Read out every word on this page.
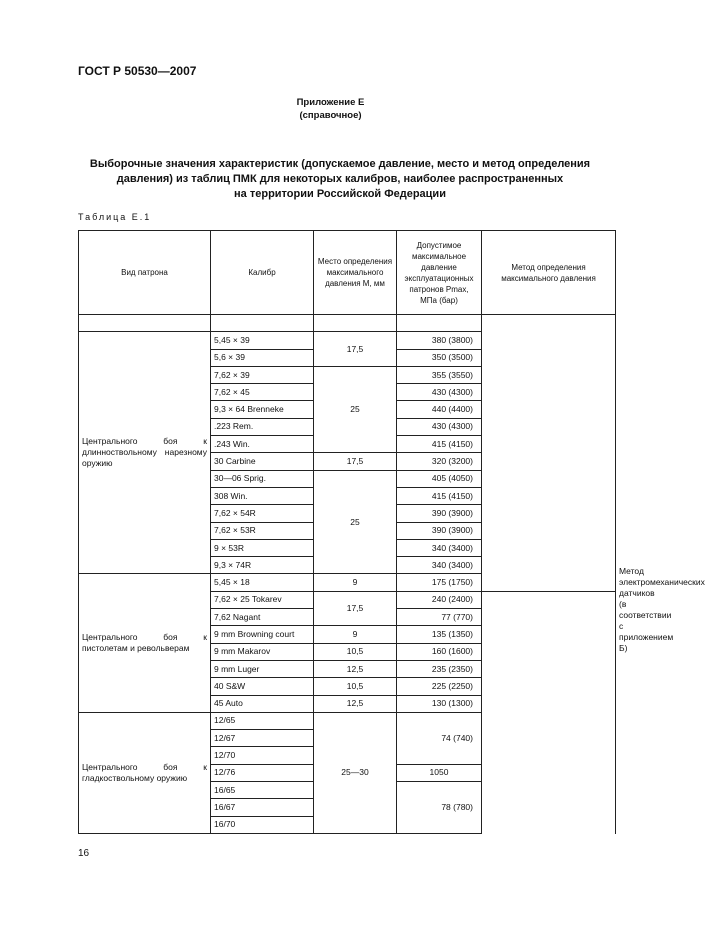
ГОСТ Р 50530—2007
Приложение Е
(справочное)
Выборочные значения характеристик (допускаемое давление, место и метод определения
давления) из таблиц ПМК для некоторых калибров, наиболее распространенных
на территории Российской Федерации
Таблица Е.1
Вид патрона	Калибр	Место определения максимального давления M, мм	Допустимое максимальное давление эксплуатационных патронов Pmax, МПа (бар)	Метод определения максимального давления	

Центрального боя к длинноствольному нарезному оружию	5,45 × 39	17,5	380 (3800)		
	5,6 × 39		350 (3500)		
	7,62 × 39	25	355 (3550)		
	7,62 × 45		430 (4300)		
	9,3 × 64 Brenneke		440 (4400)		
	.223 Rem.		430 (4300)		
	.243 Win.		415 (4150)		
	30 Carbine	17,5	320 (3200)		
	30—06 Sprig.	25	405 (4050)		
	308 Win.		415 (4150)		
	7,62 × 54R		390 (3900)		
	7,62 × 53R		390 (3900)		
	9 × 53R		340 (3400)		
	9,3 × 74R		340 (3400)		
Центрального боя к пистолетам и револьверам	5,45 × 18	9	175 (1750)		Метод электромеханических датчиков (в соответствии с приложением Б)

	7,62 × 25 Tokarev	17,5	240 (2400)		
	7,62 Nagant		77 (770)		
	9 mm Browning court	9	135 (1350)		
	9 mm Makarov	10,5	160 (1600)		
	9 mm Luger	12,5	235 (2350)		
	40 S&W	10,5	225 (2250)		
	45 Auto	12,5	130 (1300)		
Центрального боя к гладкоствольному оружию	12/65	25—30	74 (740)		
	12/67				
	12/70				
	12/76		1050		
	16/65		78 (780)		
	16/67				
	16/70				
16
